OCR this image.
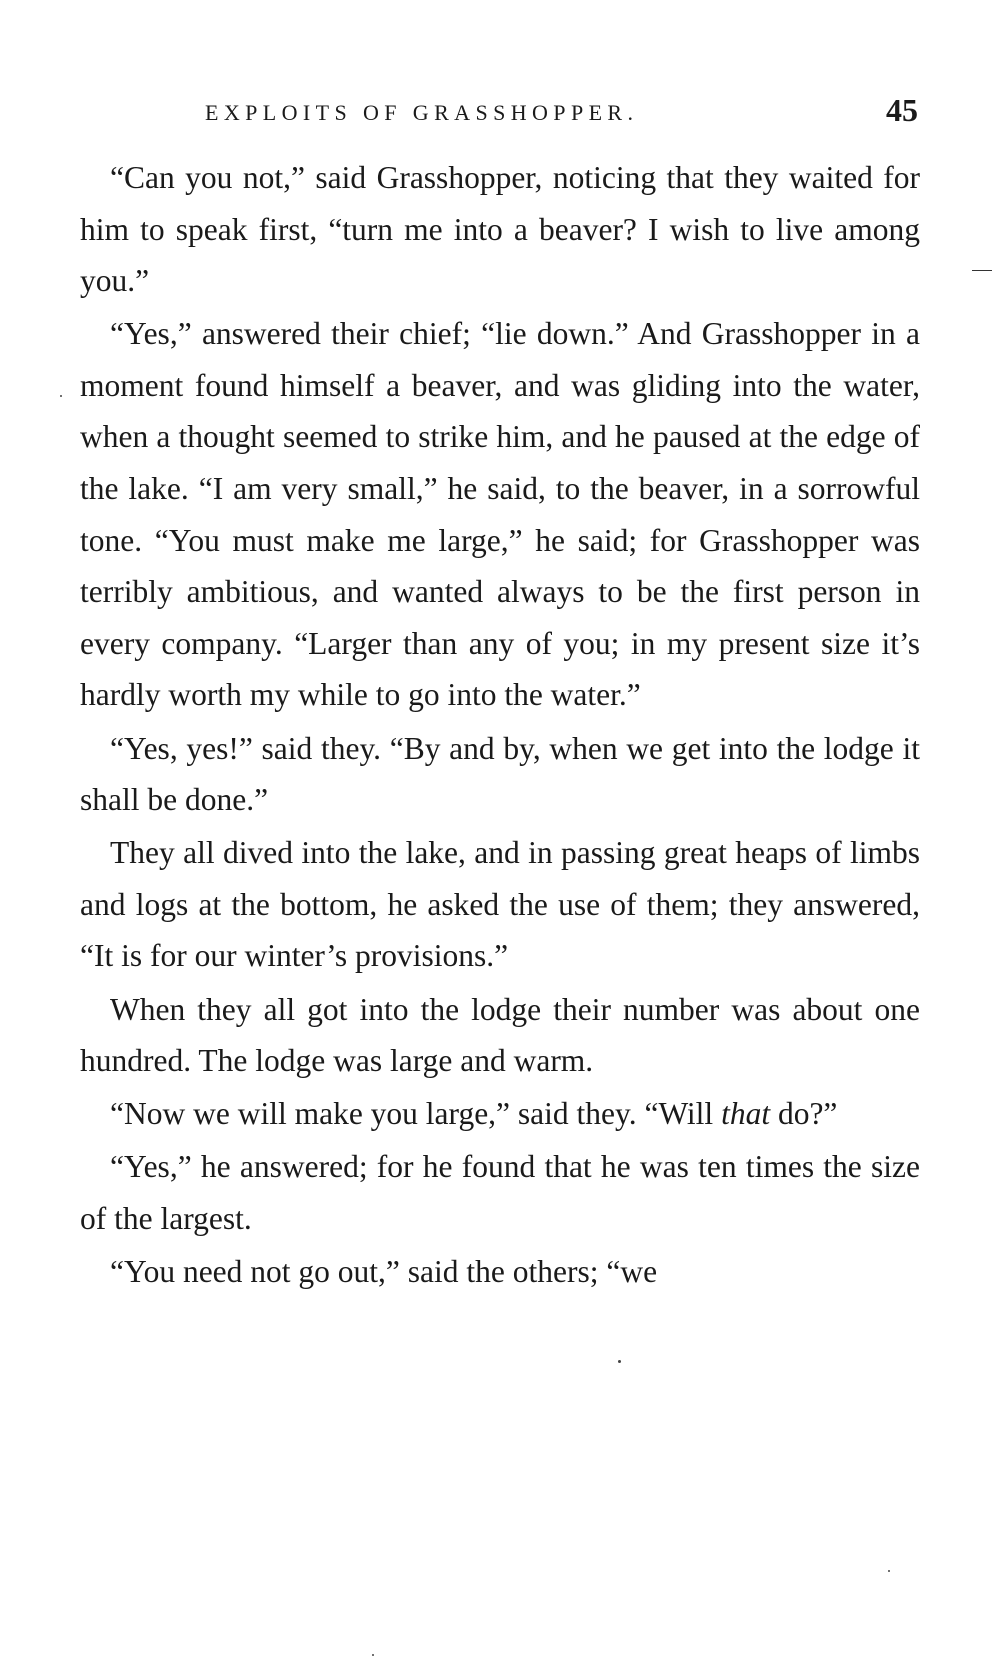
EXPLOITS OF GRASSHOPPER.	45

“Can you not,” said Grasshopper, noticing that they waited for him to speak first, “turn me into a beaver? I wish to live among you.”

“Yes,” answered their chief; “lie down.” And Grasshopper in a moment found himself a beaver, and was gliding into the water, when a thought seemed to strike him, and he paused at the edge of the lake. “I am very small,” he said, to the beaver, in a sorrowful tone. “You must make me large,” he said; for Grasshopper was terribly ambitious, and wanted always to be the first person in every company. “Larger than any of you; in my present size it’s hardly worth my while to go into the water.”

“Yes, yes!” said they. “By and by, when we get into the lodge it shall be done.”

They all dived into the lake, and in passing great heaps of limbs and logs at the bottom, he asked the use of them; they answered, “It is for our winter’s provisions.”

When they all got into the lodge their number was about one hundred. The lodge was large and warm.

“Now we will make you large,” said they. “Will that do?”

“Yes,” he answered; for he found that he was ten times the size of the largest.

“You need not go out,” said the others; “we
